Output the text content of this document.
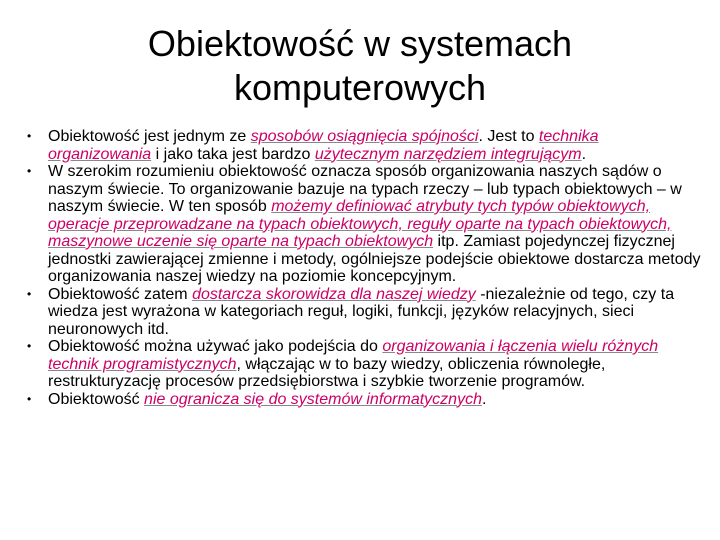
Obiektowość w systemach
komputerowych
• Obiektowość jest jednym ze sposobów osiągnięcia spójności. Jest to technika organizowania i jako taka jest bardzo użytecznym narzędziem integrującym.
• W szerokim rozumieniu obiektowość oznacza sposób organizowania naszych sądów o naszym świecie. To organizowanie bazuje na typach rzeczy – lub typach obiektowych – w naszym świecie. W ten sposób możemy definiować atrybuty tych typów obiektowych, operacje przeprowadzane na typach obiektowych, reguły oparte na typach obiektowych, maszynowe uczenie się oparte na typach obiektowych itp. Zamiast pojedynczej fizycznej jednostki zawierającej zmienne i metody, ogólniejsze podejście obiektowe dostarcza metody organizowania naszej wiedzy na poziomie koncepcyjnym.
• Obiektowość zatem dostarcza skorowidza dla naszej wiedzy -niezależnie od tego, czy ta wiedza jest wyrażona w kategoriach reguł, logiki, funkcji, języków relacyjnych, sieci neuronowych itd.
• Obiektowość można używać jako podejścia do organizowania i łączenia wielu różnych technik programistycznych, włączając w to bazy wiedzy, obliczenia równoległe, restrukturyzację procesów przedsiębiorstwa i szybkie tworzenie programów.
• Obiektowość nie ogranicza się do systemów informatycznych.
